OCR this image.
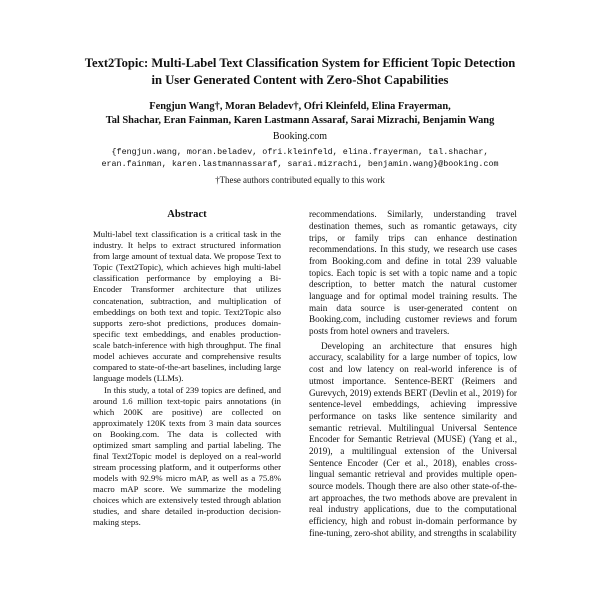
Text2Topic: Multi-Label Text Classification System for Efficient Topic Detection in User Generated Content with Zero-Shot Capabilities
Fengjun Wang†, Moran Beladev†, Ofri Kleinfeld, Elina Frayerman,
Tal Shachar, Eran Fainman, Karen Lastmann Assaraf, Sarai Mizrachi, Benjamin Wang
Booking.com
{fengjun.wang, moran.beladev, ofri.kleinfeld, elina.frayerman, tal.shachar,
eran.fainman, karen.lastmannassaraf, sarai.mizrachi, benjamin.wang}@booking.com
†These authors contributed equally to this work
Abstract

Multi-label text classification is a critical task in the industry. It helps to extract structured information from large amount of textual data. We propose Text to Topic (Text2Topic), which achieves high multi-label classification performance by employing a Bi-Encoder Transformer architecture that utilizes concatenation, subtraction, and multiplication of embeddings on both text and topic. Text2Topic also supports zero-shot predictions, produces domain-specific text embeddings, and enables production-scale batch-inference with high throughput. The final model achieves accurate and comprehensive results compared to state-of-the-art baselines, including large language models (LLMs).

In this study, a total of 239 topics are defined, and around 1.6 million text-topic pairs annotations (in which 200K are positive) are collected on approximately 120K texts from 3 main data sources on Booking.com. The data is collected with optimized smart sampling and partial labeling. The final Text2Topic model is deployed on a real-world stream processing platform, and it outperforms other models with 92.9% micro mAP, as well as a 75.8% macro mAP score. We summarize the modeling choices which are extensively tested through ablation studies, and share detailed in-production decision-making steps.

recommendations. Similarly, understanding travel destination themes, such as romantic getaways, city trips, or family trips can enhance destination recommendations. In this study, we research use cases from Booking.com and define in total 239 valuable topics. Each topic is set with a topic name and a topic description, to better match the natural customer language and for optimal model training results. The main data source is user-generated content on Booking.com, including customer reviews and forum posts from hotel owners and travelers.

Developing an architecture that ensures high accuracy, scalability for a large number of topics, low cost and low latency on real-world inference is of utmost importance. Sentence-BERT (Reimers and Gurevych, 2019) extends BERT (Devlin et al., 2019) for sentence-level embeddings, achieving impressive performance on tasks like sentence similarity and semantic retrieval. Multilingual Universal Sentence Encoder for Semantic Retrieval (MUSE) (Yang et al., 2019), a multilingual extension of the Universal Sentence Encoder (Cer et al., 2018), enables cross-lingual semantic retrieval and provides multiple open-source models. Though there are also other state-of-the-art approaches, the two methods above are prevalent in real industry applications, due to the computational efficiency, high and robust in-domain performance by fine-tuning, zero-shot ability, and strengths in scalability
